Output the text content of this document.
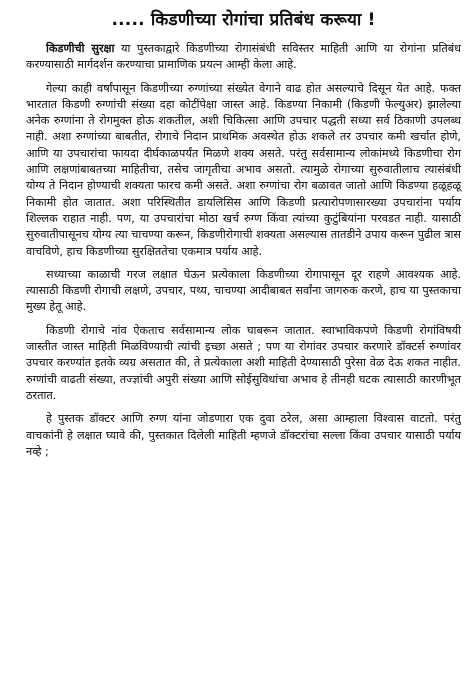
..... किडणीच्या रोगांचा प्रतिबंध करूया !

किडणीची सुरक्षा या पुस्तकाद्वारे किडणीच्या रोगासंबंधी सविस्तर माहिती आणि या रोगांना प्रतिबंध करण्यासाठी मार्गदर्शन करण्याचा प्रामाणिक प्रयत्न आम्ही केला आहे.

गेल्या काही वर्षांपासून किडणीच्या रुग्णांच्या संख्येत वेगाने वाढ होत असल्याचे दिसून येत आहे. फक्त भारतात किडणी रुग्णांची संख्या दहा कोटींपेक्षा जास्त आहे. किडण्या निकामी (किडणी फेल्युअर) झालेल्या अनेक रुग्णांना ते रोगमुक्त होऊ शकतील, अशी चिकित्सा आणि उपचार पद्धती सध्या सर्व ठिकाणी उपलब्ध नाही. अशा रुग्णांच्या बाबतीत, रोगाचे निदान प्राथमिक अवस्थेत होऊ शकले तर उपचार कमी खर्चात होणे, आणि या उपचारांचा फायदा दीर्घकाळपर्यंत मिळणे शक्य असते. परंतु सर्वसामान्य लोकांमध्ये किडणीचा रोग आणि लक्षणांबाबतच्या माहितीचा, तसेच जागृतीचा अभाव असतो. त्यामुळे रोगाच्या सुरुवातीलाच त्यासंबंधी योग्य ते निदान होण्याची शक्यता फारच कमी असते. अशा रुग्णांचा रोग बळावत जातो आणि किडण्या हळूहळू निकामी होत जातात. अशा परिस्थितीत डायलिसिस आणि किडणी प्रत्यारोपणासारख्या उपचारांना पर्याय शिल्लक राहात नाही. पण, या उपचारांचा मोठा खर्च रुग्ण किंवा त्यांच्या कुटुंबियांना परवडत नाही. यासाठी सुरुवातीपासूनच योग्य त्या चाचण्या करून, किडणीरोगाची शक्यता असल्यास तातडीने उपाय करून पुढील त्रास वाचविणे, हाच किडणीच्या सुरक्षिततेचा एकमात्र पर्याय आहे.

सध्याच्या काळाची गरज लक्षात घेऊन प्रत्येकाला किडणीच्या रोगापासून दूर राहणे आवश्यक आहे. त्यासाठी किडणी रोगाची लक्षणे, उपचार, पथ्य, चाचण्या आदीबाबत सर्वांना जागरुक करणे, हाच या पुस्तकाचा मुख्य हेतू आहे.

किडणी रोगाचे नांव ऐकताच सर्वसामान्य लोक घाबरून जातात. स्वाभाविकपणे किडणी रोगांविषयी जास्तीत जास्त माहिती मिळविण्याची त्यांची इच्छा असते ; पण या रोगांवर उपचार करणारे डॉक्टर्स रुग्णांवर उपचार करण्यांत इतके व्यग्र असतात की, ते प्रत्येकाला अशी माहिती देण्यासाठी पुरेसा वेळ देऊ शकत नाहीत. रुग्णांची वाढती संख्या, तज्ज्ञांची अपुरी संख्या आणि सोईसुविधांचा अभाव हे तीनही घटक त्यासाठी कारणीभूत ठरतात.

हे पुस्तक डॉक्टर आणि रुग्ण यांना जोडणारा एक दुवा ठरेल, असा आम्हाला विश्वास वाटतो. परंतु वाचकांनी हे लक्षात घ्यावे की, पुस्तकात दिलेली माहिती म्हणजे डॉक्टरांचा सल्ला किंवा उपचार यासाठी पर्याय नव्हे ;
